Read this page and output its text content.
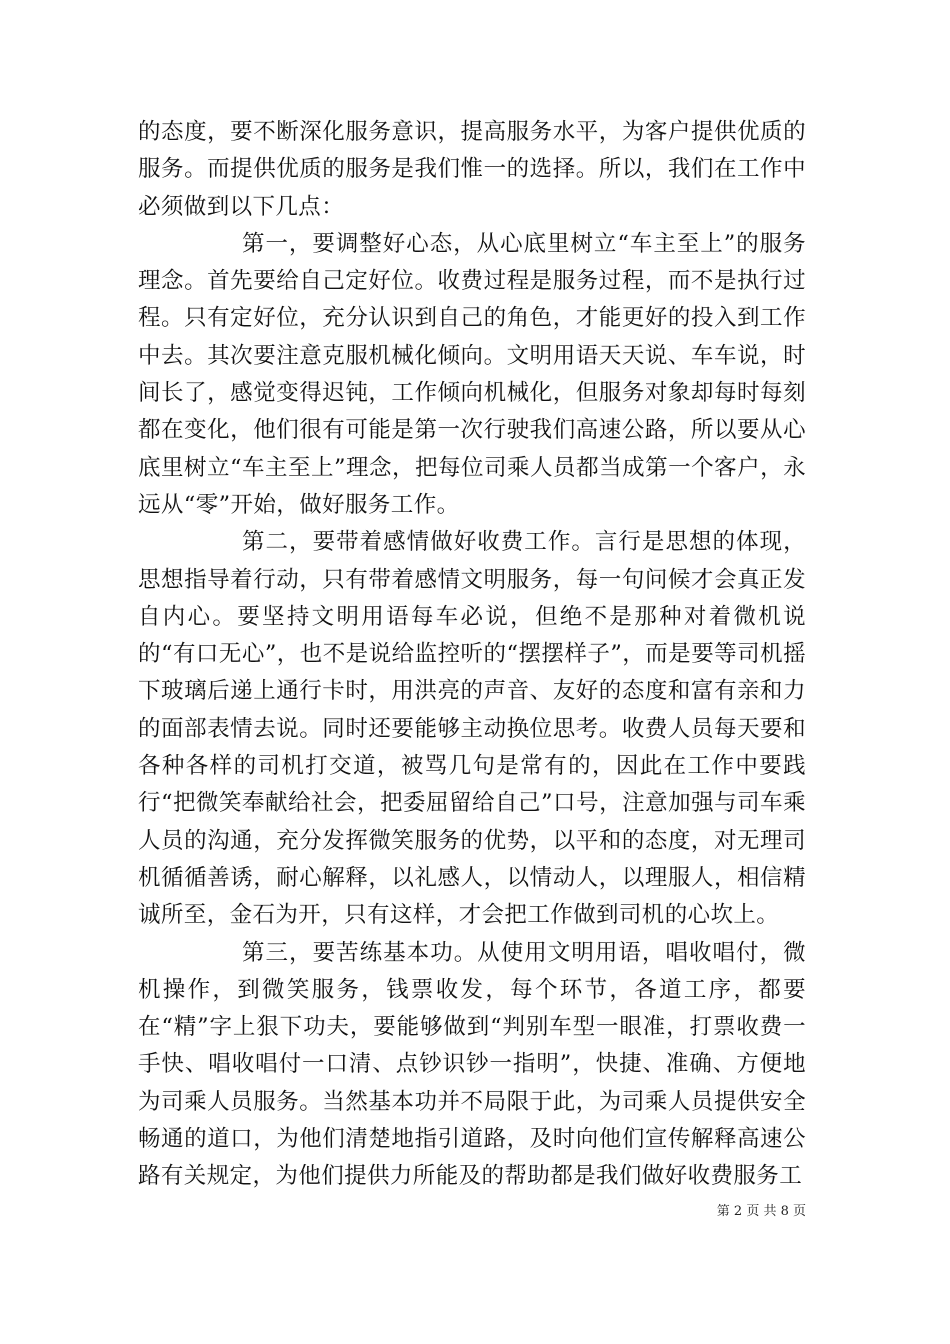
的态度，要不断深化服务意识，提高服务水平，为客户提供优质的服务。而提供优质的服务是我们惟一的选择。所以，我们在工作中必须做到以下几点：

第一，要调整好心态，从心底里树立“车主至上”的服务理念。首先要给自己定好位。收费过程是服务过程，而不是执行过程。只有定好位，充分认识到自己的角色，才能更好的投入到工作中去。其次要注意克服机械化倾向。文明用语天天说、车车说，时间长了，感觉变得迟钝，工作倾向机械化，但服务对象却每时每刻都在变化，他们很有可能是第一次行驶我们高速公路，所以要从心底里树立“车主至上”理念，把每位司乘人员都当成第一个客户，永远从“零”开始，做好服务工作。

第二，要带着感情做好收费工作。言行是思想的体现，思想指导着行动，只有带着感情文明服务，每一句问候才会真正发自内心。要坚持文明用语每车必说，但绝不是那种对着微机说的“有口无心”，也不是说给监控听的“摆摆样子”，而是要等司机摇下玻璃后递上通行卡时，用洪亮的声音、友好的态度和富有亲和力的面部表情去说。同时还要能够主动换位思考。收费人员每天要和各种各样的司机打交道，被骂几句是常有的，因此在工作中要践行“把微笑奉献给社会，把委屈留给自己”口号，注意加强与司车乘人员的沟通，充分发挥微笑服务的优势，以平和的态度，对无理司机循循善诱，耐心解释，以礼感人，以情动人，以理服人，相信精诚所至，金石为开，只有这样，才会把工作做到司机的心坎上。

第三，要苦练基本功。从使用文明用语，唱收唱付，微机操作，到微笑服务，钱票收发，每个环节，各道工序，都要在“精”字上狠下功夫，要能够做到“判别车型一眼准，打票收费一手快、唱收唱付一口清、点钞识钞一指明”，快捷、准确、方便地为司乘人员服务。当然基本功并不局限于此，为司乘人员提供安全畅通的道口，为他们清楚地指引道路，及时向他们宣传解释高速公路有关规定，为他们提供力所能及的帮助都是我们做好收费服务工

第 2 页 共 8 页
